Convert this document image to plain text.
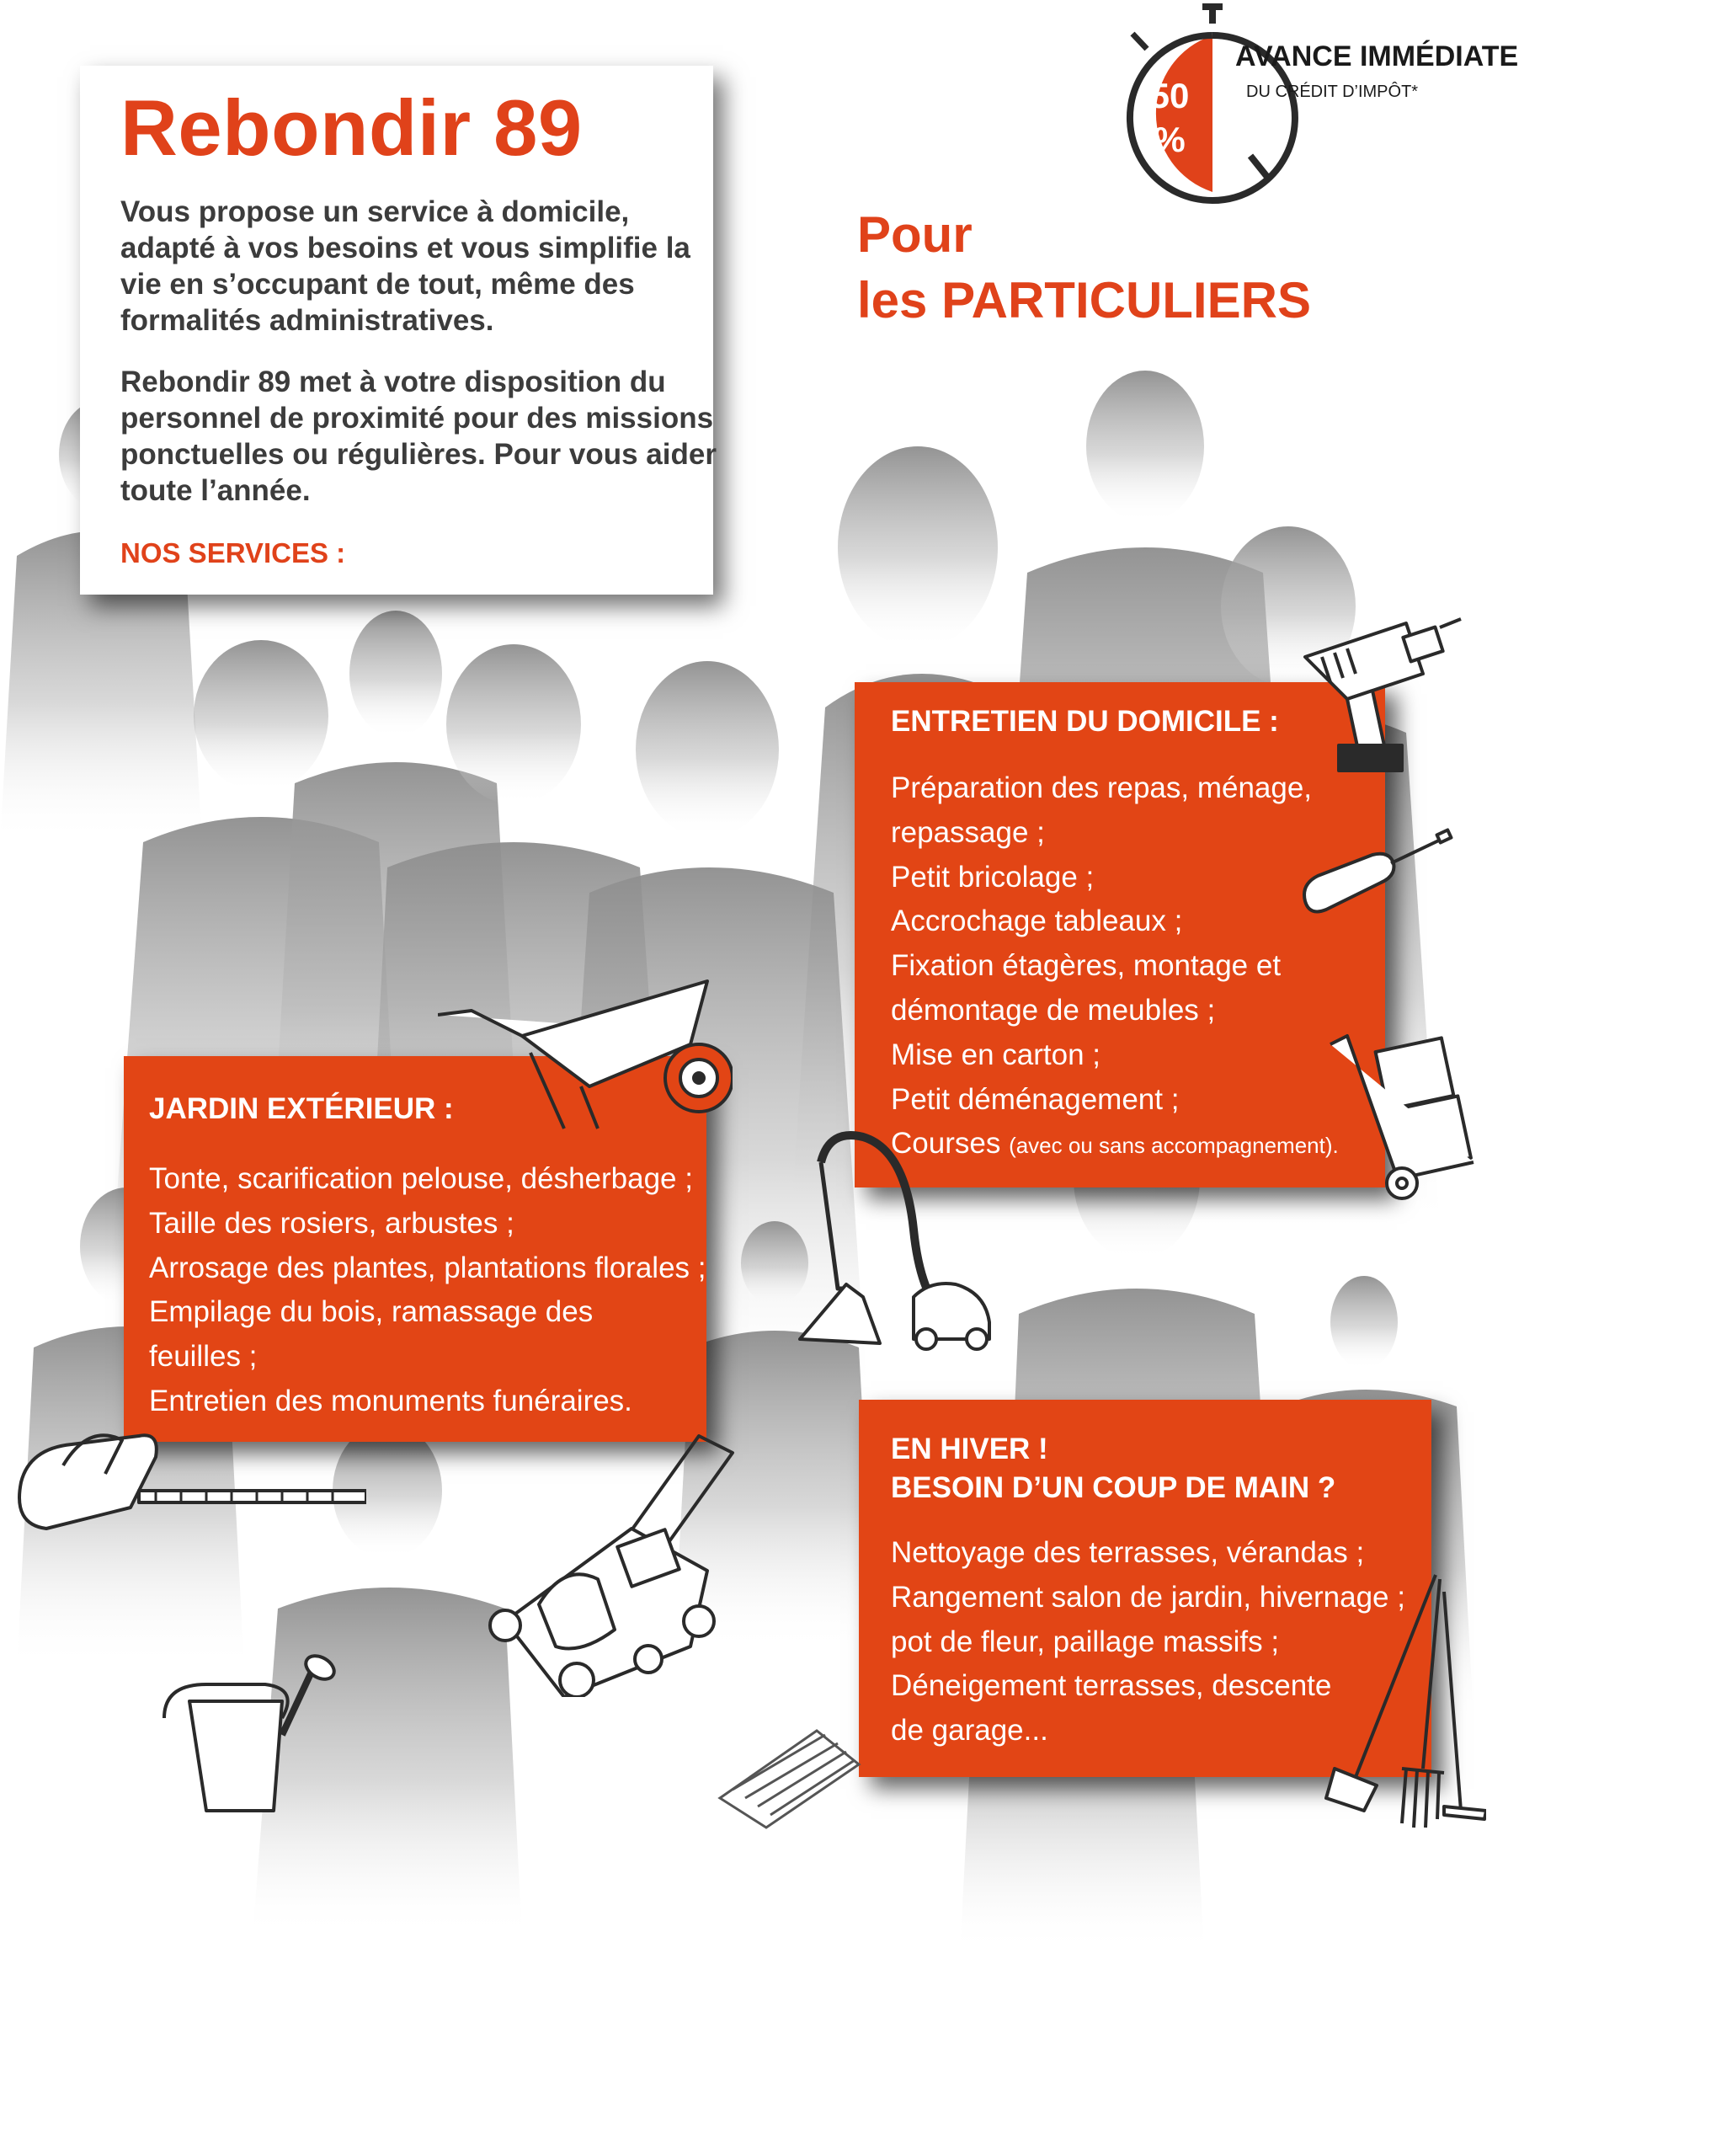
Rebondir 89

Vous propose un service à domicile, adapté à vos besoins et vous simplifie la vie en s’occupant de tout, même des formalités administratives.

Rebondir 89 met à votre disposition du personnel de proximité pour des missions ponctuelles ou régulières. Pour vous aider toute l’année.

NOS SERVICES :
50
%
AVANCE IMMÉDIATE
DU CRÉDIT D’IMPÔT*
Pour
les PARTICULIERS
JARDIN EXTÉRIEUR :
Tonte, scarification pelouse, désherbage ;
Taille des rosiers, arbustes ;
Arrosage des plantes, plantations florales ;
Empilage du bois, ramassage des
feuilles ;
Entretien des monuments funéraires.
ENTRETIEN DU DOMICILE :
Préparation des repas, ménage,
repassage ;
Petit bricolage ;
Accrochage tableaux ;
Fixation étagères, montage et
démontage de meubles ;
Mise en carton ;
Petit déménagement ;
Courses (avec ou sans accompagnement).
EN HIVER !
BESOIN D’UN COUP DE MAIN ?
Nettoyage des terrasses, vérandas ;
Rangement salon de jardin, hivernage ;
pot de fleur, paillage massifs ;
Déneigement terrasses, descente
de garage...
